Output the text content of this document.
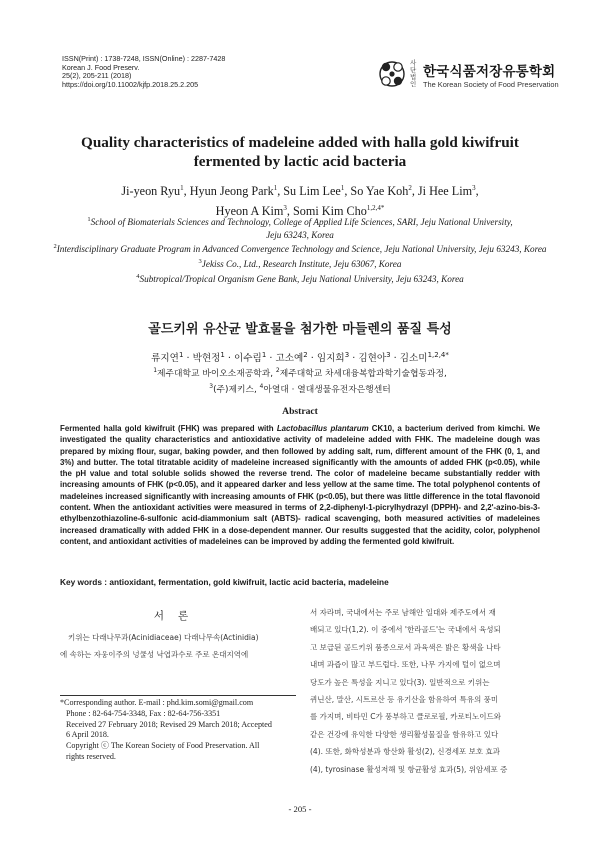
ISSN(Print) : 1738-7248, ISSN(Online) : 2287-7428
Korean J. Food Preserv.
25(2), 205-211 (2018)
https://doi.org/10.11002/kjfp.2018.25.2.205
사단 법인
한국식품저장유통학회
The Korean Society of Food Preservation
Quality characteristics of madeleine added with halla gold kiwifruit
fermented by lactic acid bacteria
Ji-yeon Ryu$^1$, Hyun Jeong Park$^1$, Su Lim Lee$^1$, So Yae Koh$^2$, Ji Hee Lim$^3$,
Hyeon A Kim$^3$, Somi Kim Cho$^{1,2,4*}$
$^1$School of Biomaterials Sciences and Technology, College of Applied Life Sciences, SARI, Jeju National University,
Jeju 63243, Korea
$^2$Interdisciplinary Graduate Program in Advanced Convergence Technology and Science, Jeju National University, Jeju 63243, Korea
$^3$Jekiss Co., Ltd., Research Institute, Jeju 63067, Korea
$^4$Subtropical/Tropical Organism Gene Bank, Jeju National University, Jeju 63243, Korea
골드키위 유산균 발효물을 첨가한 마들렌의 품질 특성
류지연$^1$ · 박현정$^1$ · 이수림$^1$ · 고소예$^2$ · 임지희$^3$ · 김현아$^3$ · 김소미$^{1,2,4*}$
$^1$제주대학교 바이오소재공학과, $^2$제주대학교 차세대융복합과학기술협동과정,
$^3$(주)제키스, $^4$아열대 · 열대생물유전자은행센터
Abstract
Fermented halla gold kiwifruit (FHK) was prepared with Lactobacillus plantarum CK10, a bacterium derived from kimchi. We investigated the quality characteristics and antioxidative activity of madeleine added with FHK. The madeleine dough was prepared by mixing flour, sugar, baking powder, and then followed by adding salt, rum, different amount of the FHK (0, 1, and 3%) and butter. The total titratable acidity of madeleine increased significantly with the amounts of added FHK (p<0.05), while the pH value and total soluble solids showed the reverse trend. The color of madeleine became substantially redder with increasing amounts of FHK (p<0.05), and it appeared darker and less yellow at the same time. The total polyphenol contents of madeleines increased significantly with increasing amounts of FHK (p<0.05), but there was little difference in the total flavonoid content. When the antioxidant activities were measured in terms of 2,2-diphenyl-1-picrylhydrazyl (DPPH)- and 2,2'-azino-bis-3-ethylbenzothiazoline-6-sulfonic acid-diammonium salt (ABTS)- radical scavenging, both measured activities of madeleines increased dramatically with added FHK in a dose-dependent manner. Our results suggested that the acidity, color, polyphenol content, and antioxidant activities of madeleines can be improved by adding the fermented gold kiwifruit.
Key words : antioxidant, fermentation, gold kiwifruit, lactic acid bacteria, madeleine
서론
키위는 다래나무과(Acinidiaceae) 다래나무속(Actinidia)
에 속하는 자웅이주의 넝쿨성 낙엽과수로 주로 온대지역에
*Corresponding author. E-mail : phd.kim.somi@gmail.com
Phone : 82-64-754-3348, Fax : 82-64-756-3351
Received 27 February 2018; Revised 29 March 2018; Accepted
6 April 2018.
Copyright ⓒ The Korean Society of Food Preservation. All
rights reserved.
서 자라며, 국내에서는 주로 남해안 일대와 제주도에서 재
배되고 있다(1,2). 이 중에서 '한라골드'는 국내에서 육성되
고 보급된 골드키위 품종으로서 과육색은 밝은 황색을 나타
내며 과즙이 많고 부드럽다. 또한, 나무 가지에 털이 없으며
당도가 높은 특성을 지니고 있다(3). 일반적으로 키위는
퀴닌산, 말산, 시트르산 등 유기산을 함유하여 특유의 풍미
를 가지며, 비타민 C가 풍부하고 클로로필, 카로티노이드와
같은 건강에 유익한 다양한 생리활성물질을 함유하고 있다
(4). 또한, 화학성분과 항산화 활성(2), 신경세포 보호 효과
(4), tyrosinase 활성저해 및 항균활성 효과(5), 위암세포 증
- 205 -
